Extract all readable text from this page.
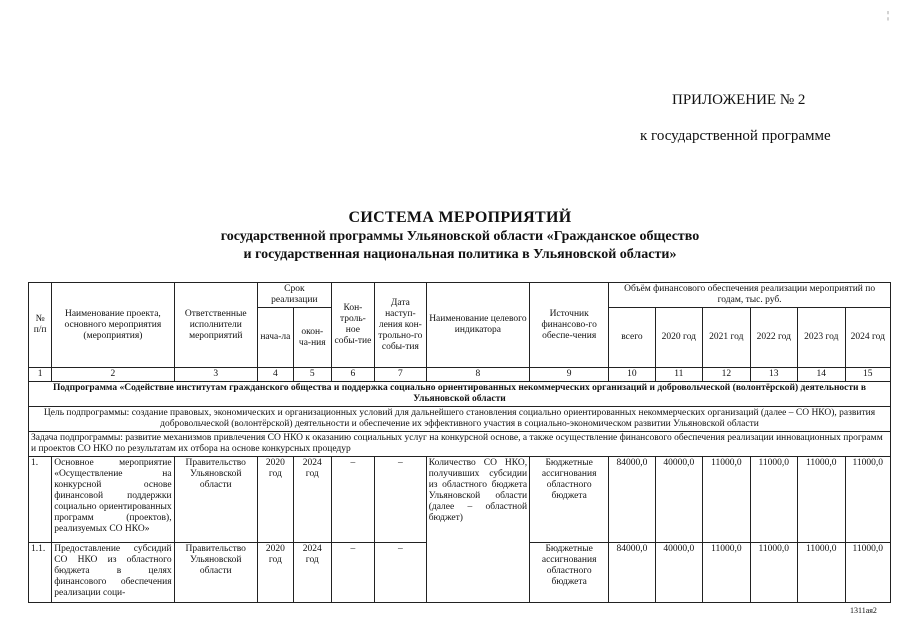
¦
ПРИЛОЖЕНИЕ № 2
к государственной программе
СИСТЕМА МЕРОПРИЯТИЙ
государственной программы Ульяновской области «Гражданское общество
и государственная национальная политика в Ульяновской области»
№ п/п	Наименование проекта, основного мероприятия (мероприятия)	Ответственные исполнители мероприятий	Срок реализации		Кон-троль-ное собы-тие	Дата наступ-ления кон-трольно-го собы-тия	Наименование целевого индикатора	Источник финансово-го обеспе-чения	Объём финансового обеспечения реализации мероприятий по годам, тыс. руб.					
			нача-ла	окон-ча-ния					всего	2020 год	2021 год	2022 год	2023 год	2024 год
1	2	3	4	5	6	7	8	9	10	11	12	13	14	15
Подпрограмма «Содействие институтам гражданского общества и поддержка социально ориентированных некоммерческих организаций и добровольческой (волонтёрской) деятельности в Ульяновской области														
Цель подпрограммы: создание правовых, экономических и организационных условий для дальнейшего становления социально ориентированных некоммерческих организаций (далее – СО НКО), развития добровольческой (волонтёрской) деятельности и обеспечение их эффективного участия в социально-экономическом развитии Ульяновской области														
Задача подпрограммы: развитие механизмов привлечения СО НКО к оказанию социальных услуг на конкурсной основе, а также осуществление финансового обеспечения реализации инновационных программ и проектов СО НКО по результатам их отбора на основе конкурсных процедур														
1.	Основное мероприятие «Осуществление на конкурсной основе финансовой поддержки социально ориентированных программ (проектов), реализуемых СО НКО»	Правительство Ульяновской области	2020 год	2024 год	–	–	Количество СО НКО, получивших субсидии из областного бюджета Ульяновской области (далее – областной бюджет)	Бюджетные ассигнования областного бюджета	84000,0	40000,0	11000,0	11000,0	11000,0	11000,0
1.1.	Предоставление субсидий СО НКО из областного бюджета в целях финансового обеспечения реализации соци-	Правительство Ульяновской области	2020 год	2024 год	–	–		Бюджетные ассигнования областного бюджета	84000,0	40000,0	11000,0	11000,0	11000,0	11000,0
1311ая2
